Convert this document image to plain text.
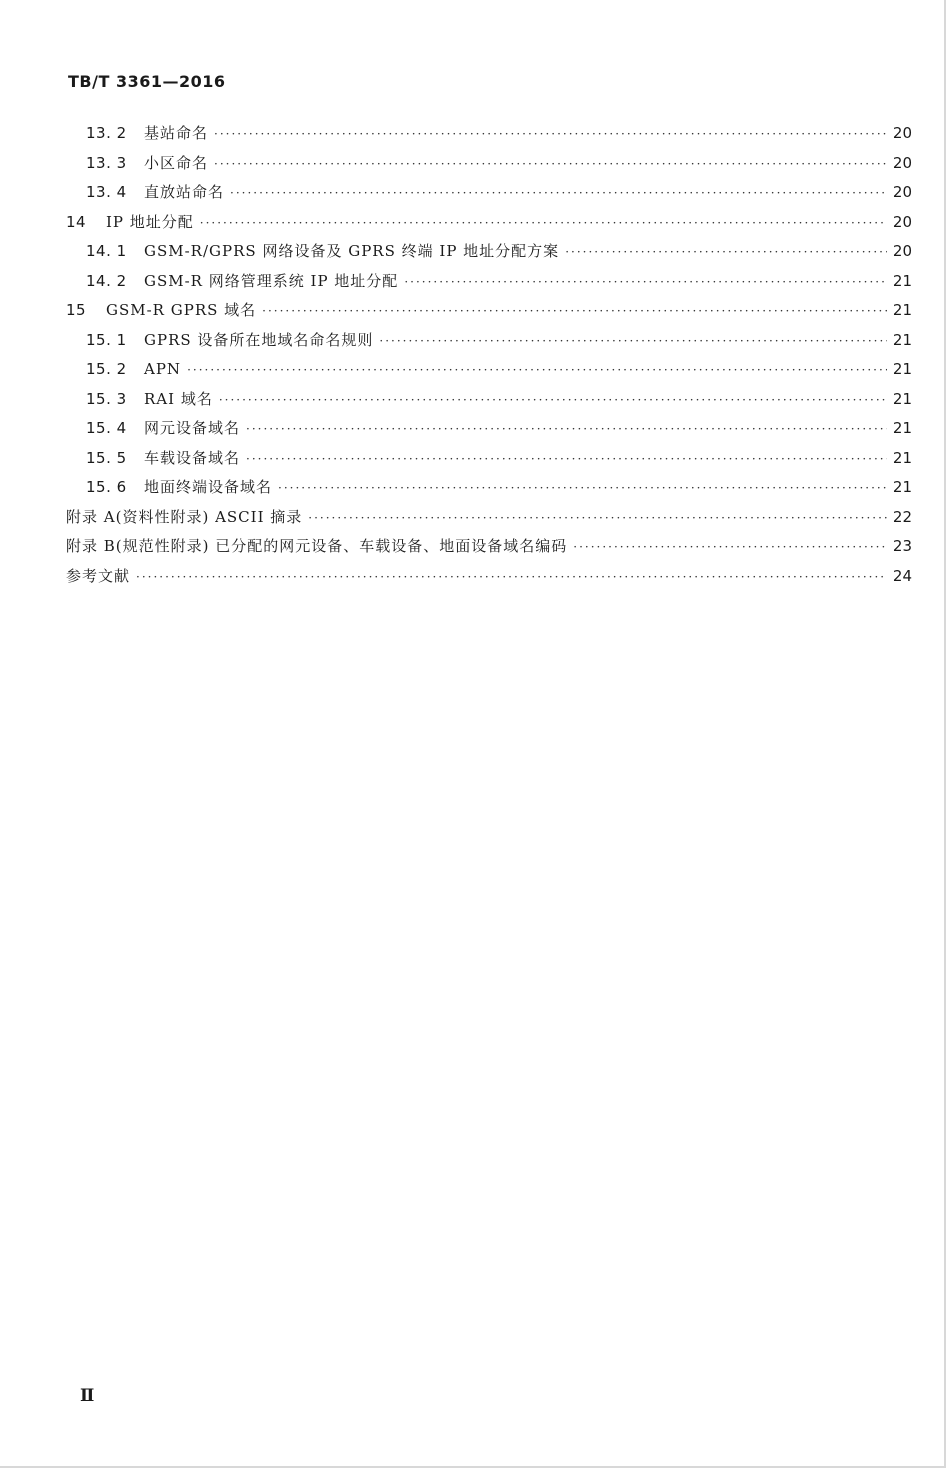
TB/T 3361—2016
13. 2	基站命名 ·····	20
13. 3	小区命名 ·····	20
13. 4	直放站命名 ·····	20
14	IP 地址分配 ·····	20
14. 1	GSM-R/GPRS 网络设备及 GPRS 终端 IP 地址分配方案 ·····	20
14. 2	GSM-R 网络管理系统 IP 地址分配 ·····	21
15	GSM-R GPRS 域名 ·····	21
15. 1	GPRS 设备所在地域名命名规则 ·····	21
15. 2	APN ·····	21
15. 3	RAI 域名 ·····	21
15. 4	网元设备域名 ·····	21
15. 5	车载设备域名 ·····	21
15. 6	地面终端设备域名 ·····	21
附录 A(资料性附录) ASCII 摘录 ·····	22
附录 B(规范性附录) 已分配的网元设备、车载设备、地面设备域名编码 ·····	23
参考文献 ·····	24
Ⅱ
